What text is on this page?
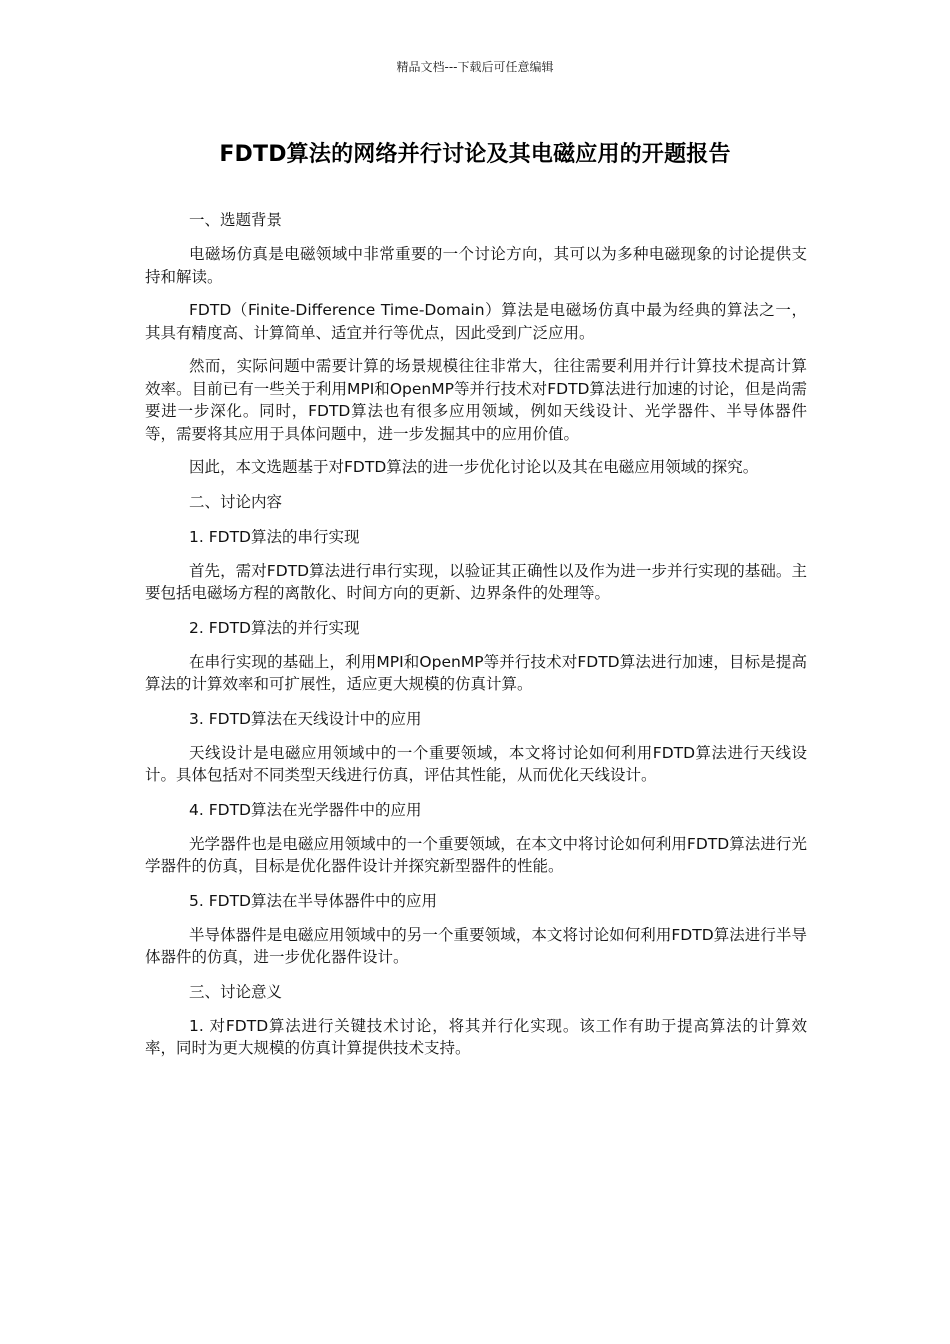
精品文档---下载后可任意编辑
FDTD算法的网络并行讨论及其电磁应用的开题报告

一、选题背景

电磁场仿真是电磁领域中非常重要的一个讨论方向，其可以为多种电磁现象的讨论提供支持和解读。

FDTD（Finite-Difference Time-Domain）算法是电磁场仿真中最为经典的算法之一，其具有精度高、计算简单、适宜并行等优点，因此受到广泛应用。

然而，实际问题中需要计算的场景规模往往非常大，往往需要利用并行计算技术提高计算效率。目前已有一些关于利用MPI和OpenMP等并行技术对FDTD算法进行加速的讨论，但是尚需要进一步深化。同时，FDTD算法也有很多应用领域，例如天线设计、光学器件、半导体器件等，需要将其应用于具体问题中，进一步发掘其中的应用价值。

因此，本文选题基于对FDTD算法的进一步优化讨论以及其在电磁应用领域的探究。

二、讨论内容

1. FDTD算法的串行实现

首先，需对FDTD算法进行串行实现，以验证其正确性以及作为进一步并行实现的基础。主要包括电磁场方程的离散化、时间方向的更新、边界条件的处理等。

2. FDTD算法的并行实现

在串行实现的基础上，利用MPI和OpenMP等并行技术对FDTD算法进行加速，目标是提高算法的计算效率和可扩展性，适应更大规模的仿真计算。

3. FDTD算法在天线设计中的应用

天线设计是电磁应用领域中的一个重要领域，本文将讨论如何利用FDTD算法进行天线设计。具体包括对不同类型天线进行仿真，评估其性能，从而优化天线设计。

4. FDTD算法在光学器件中的应用

光学器件也是电磁应用领域中的一个重要领域，在本文中将讨论如何利用FDTD算法进行光学器件的仿真，目标是优化器件设计并探究新型器件的性能。

5. FDTD算法在半导体器件中的应用

半导体器件是电磁应用领域中的另一个重要领域，本文将讨论如何利用FDTD算法进行半导体器件的仿真，进一步优化器件设计。

三、讨论意义

1. 对FDTD算法进行关键技术讨论，将其并行化实现。该工作有助于提高算法的计算效率，同时为更大规模的仿真计算提供技术支持。
